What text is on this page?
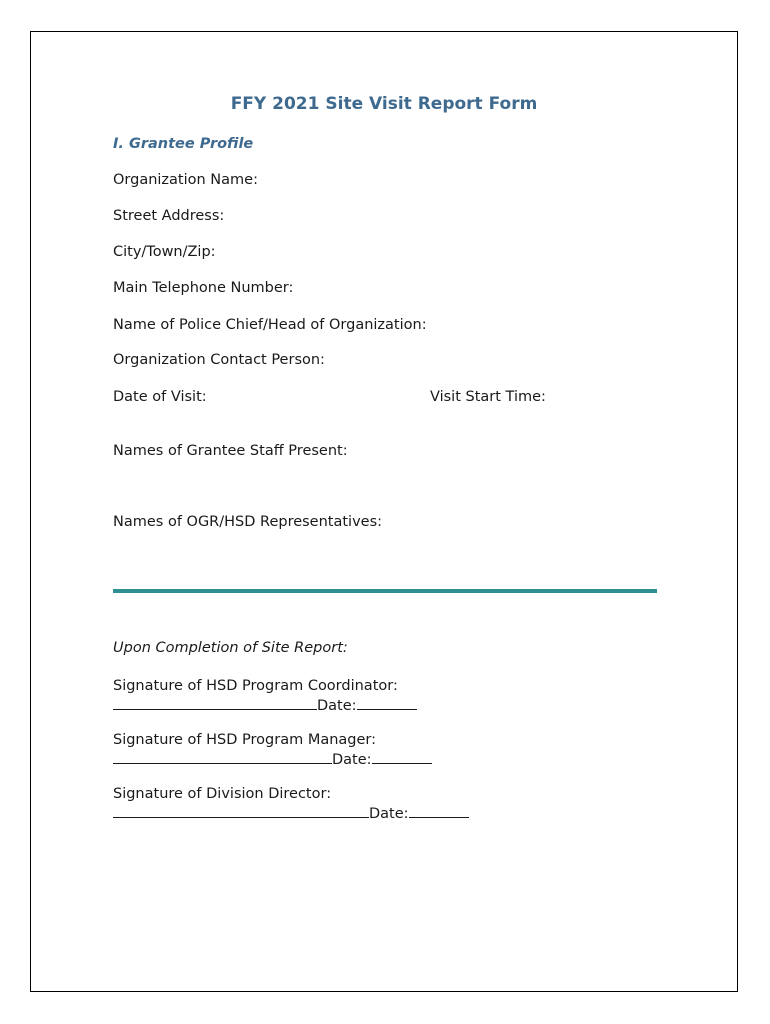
FFY 2021 Site Visit Report Form
I. Grantee Profile

Organization Name:

Street Address:

City/Town/Zip:

Main Telephone Number:

Name of Police Chief/Head of Organization:

Organization Contact Person:

Date of Visit:	Visit Start Time:

Names of Grantee Staff Present:

Names of OGR/HSD Representatives:

Upon Completion of Site Report:

Signature of HSD Program Coordinator:
Date:
Signature of HSD Program Manager:
Date:
Signature of Division Director:
Date:
